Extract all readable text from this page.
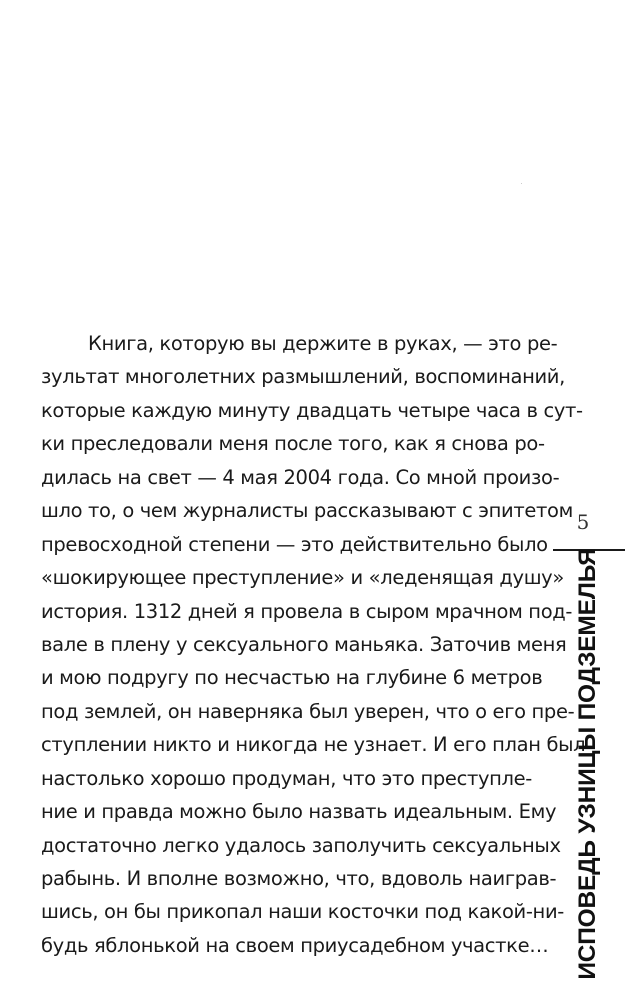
Книга, которую вы держите в руках, — это ре-
зультат многолетних размышлений, воспоминаний,
которые каждую минуту двадцать четыре часа в сут-
ки преследовали меня после того, как я снова ро-
дилась на свет — 4 мая 2004 года. Со мной произо-
шло то, о чем журналисты рассказывают с эпитетом
превосходной степени — это действительно было
«шокирующее преступление» и «леденящая душу»
история. 1312 дней я провела в сыром мрачном под-
вале в плену у сексуального маньяка. Заточив меня
и мою подругу по несчастью на глубине 6 метров
под землей, он наверняка был уверен, что о его пре-
ступлении никто и никогда не узнает. И его план был
настолько хорошо продуман, что это преступле-
ние и правда можно было назвать идеальным. Ему
достаточно легко удалось заполучить сексуальных
рабынь. И вполне возможно, что, вдоволь наиграв-
шись, он бы прикопал наши косточки под какой-ни-
будь яблонькой на своем приусадебном участке…
5
ИСПОВЕДЬ УЗНИЦЫ ПОДЗЕМЕЛЬЯ
